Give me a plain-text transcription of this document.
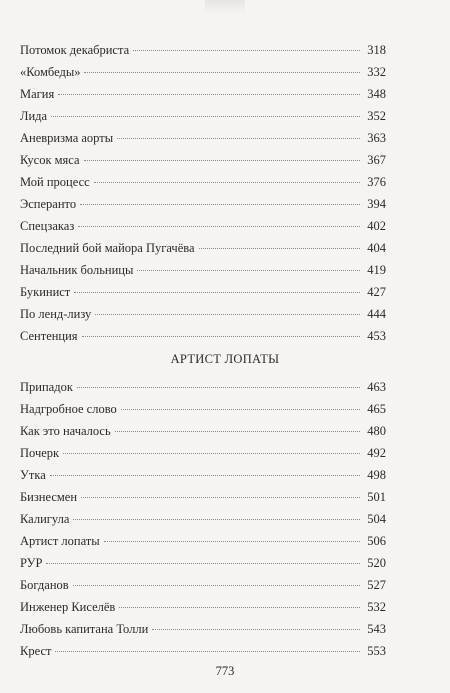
Потомок декабриста	318
«Комбеды»	332
Магия	348
Лида	352
Аневризма аорты	363
Кусок мяса	367
Мой процесс	376
Эсперанто	394
Спецзаказ	402
Последний бой майора Пугачёва	404
Начальник больницы	419
Букинист	427
По ленд-лизу	444
Сентенция	453
АРТИСТ ЛОПАТЫ
Припадок	463
Надгробное слово	465
Как это началось	480
Почерк	492
Утка	498
Бизнесмен	501
Калигула	504
Артист лопаты	506
РУР	520
Богданов	527
Инженер Киселёв	532
Любовь капитана Толли	543
Крест	553
773
